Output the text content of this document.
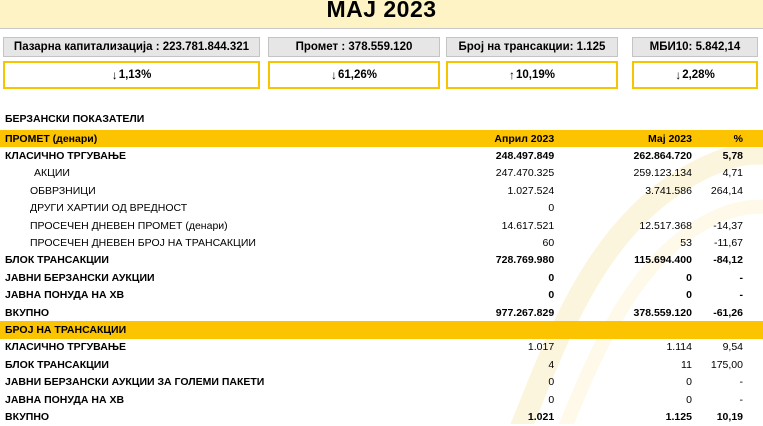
МАЈ 2023
Пазарна капитализација : 223.781.844.321
↓ 1,13%
Промет : 378.559.120
↓ 61,26%
Број на трансакции: 1.125
↑ 10,19%
МБИ10: 5.842,14
↓ 2,28%
БЕРЗАНСКИ ПОКАЗАТЕЛИ
ПРОМЕТ (денари)	Април 2023	Мај 2023	%
КЛАСИЧНО ТРГУВАЊЕ	248.497.849	262.864.720	5,78
АКЦИИ	247.470.325	259.123.134	4,71
ОБВРЗНИЦИ	1.027.524	3.741.586	264,14
ДРУГИ ХАРТИИ ОД ВРЕДНОСТ	0		
ПРОСЕЧЕН ДНЕВЕН ПРОМЕТ (денари)	14.617.521	12.517.368	-14,37
ПРОСЕЧЕН ДНЕВЕН БРОЈ НА ТРАНСАКЦИИ	60	53	-11,67
БЛОК ТРАНСАКЦИИ	728.769.980	115.694.400	-84,12
ЈАВНИ БЕРЗАНСКИ АУКЦИИ	0	0	-
ЈАВНА ПОНУДА НА ХВ	0	0	-
ВКУПНО	977.267.829	378.559.120	-61,26
БРОЈ НА ТРАНСАКЦИИ			
КЛАСИЧНО ТРГУВАЊЕ	1.017	1.114	9,54
БЛОК ТРАНСАКЦИИ	4	11	175,00
ЈАВНИ БЕРЗАНСКИ АУКЦИИ ЗА ГОЛЕМИ ПАКЕТИ	0	0	-
ЈАВНА ПОНУДА НА ХВ	0	0	-
ВКУПНО	1.021	1.125	10,19
